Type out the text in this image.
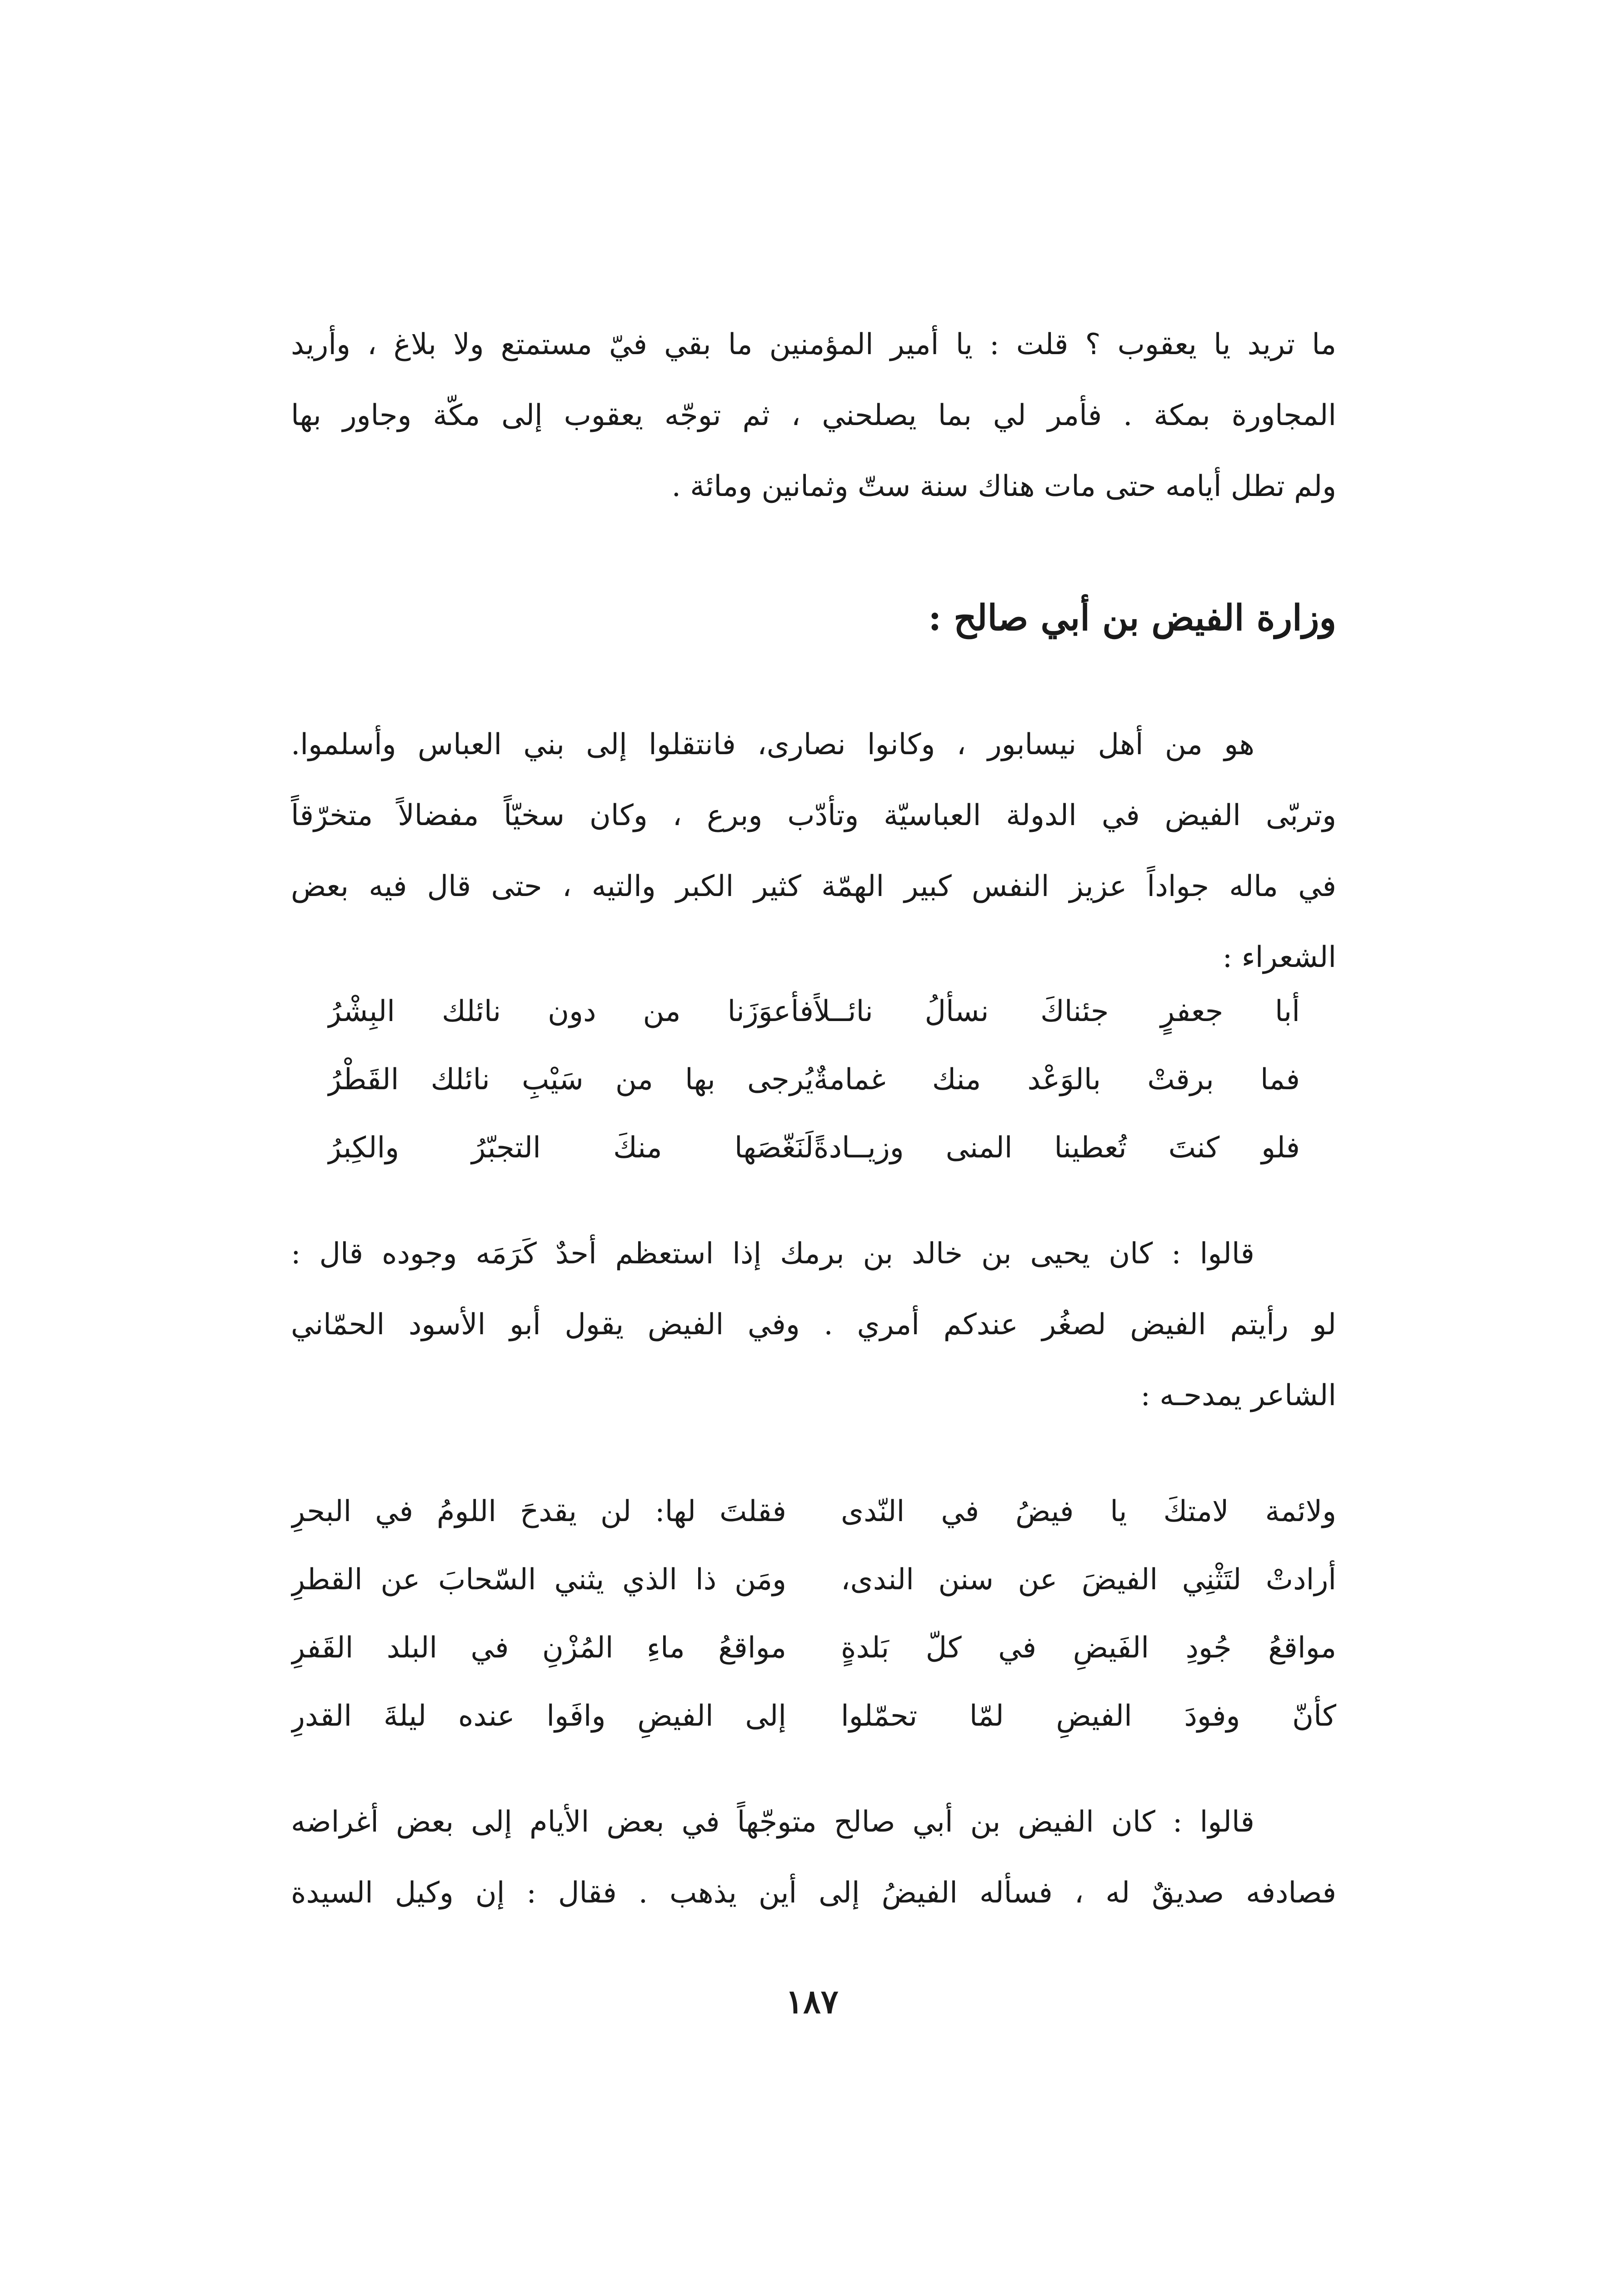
ما تريد يا يعقوب ؟ قلت : يا أمير المؤمنين ما بقي فيّ مستمتع ولا بلاغ ، وأريد
المجاورة بمكة . فأمر لي بما يصلحني ، ثم توجّه يعقوب إلى مكّة وجاور بها
ولم تطل أيامه حتى مات هناك سنة ستّ وثمانين ومائة .
وزارة الفيض بن أبي صالح :
هو من أهل نيسابور ، وكانوا نصارى، فانتقلوا إلى بني العباس وأسلموا.
وتربّى الفيض في الدولة العباسيّة وتأدّب وبرع ، وكان سخيّاً مفضالاً متخرّقاً
في ماله جواداً عزيز النفس كبير الهمّة كثير الكبر والتيه ، حتى قال فيه بعض
الشعراء :
أبا جعفرٍ جئناكَ نسألُ نائــلاً
فأعوَزَنا من دون نائلك البِشْرُ
فما برقتْ بالوَعْد منك غمامةٌ
يُرجى بها من سَيْبِ نائلك القَطْرُ
فلو كنتَ تُعطينا المنى وزيــادةً
لَنَغّصَها منكَ التجبّرُ والكِبرُ
قالوا : كان يحيى بن خالد بن برمك إذا استعظم أحدٌ كَرَمَه وجوده قال :
لو رأيتم الفيض لصغُر عندكم أمري . وفي الفيض يقول أبو الأسود الحمّاني
الشاعر يمدحـه :
ولائمة لامتكَ يا فيضُ في النّدى
فقلتَ لها: لن يقدحَ اللومُ في البحرِ
أرادتْ لتَثْنِي الفيضَ عن سنن الندى،
ومَن ذا الذي يثني السّحابَ عن القطرِ
مواقعُ جُودِ الفَيضِ في كلّ بَلدةٍ
مواقعُ ماءِ المُزْنِ في البلد القَفرِ
كأنّ وفودَ الفيضِ لمّا تحمّلوا
إلى الفيضِ وافَوا عنده ليلةَ القدرِ
قالوا : كان الفيض بن أبي صالح متوجّهاً في بعض الأيام إلى بعض أغراضه
فصادفه صديقٌ له ، فسأله الفيضُ إلى أين يذهب . فقال : إن وكيل السيدة
١٨٧
